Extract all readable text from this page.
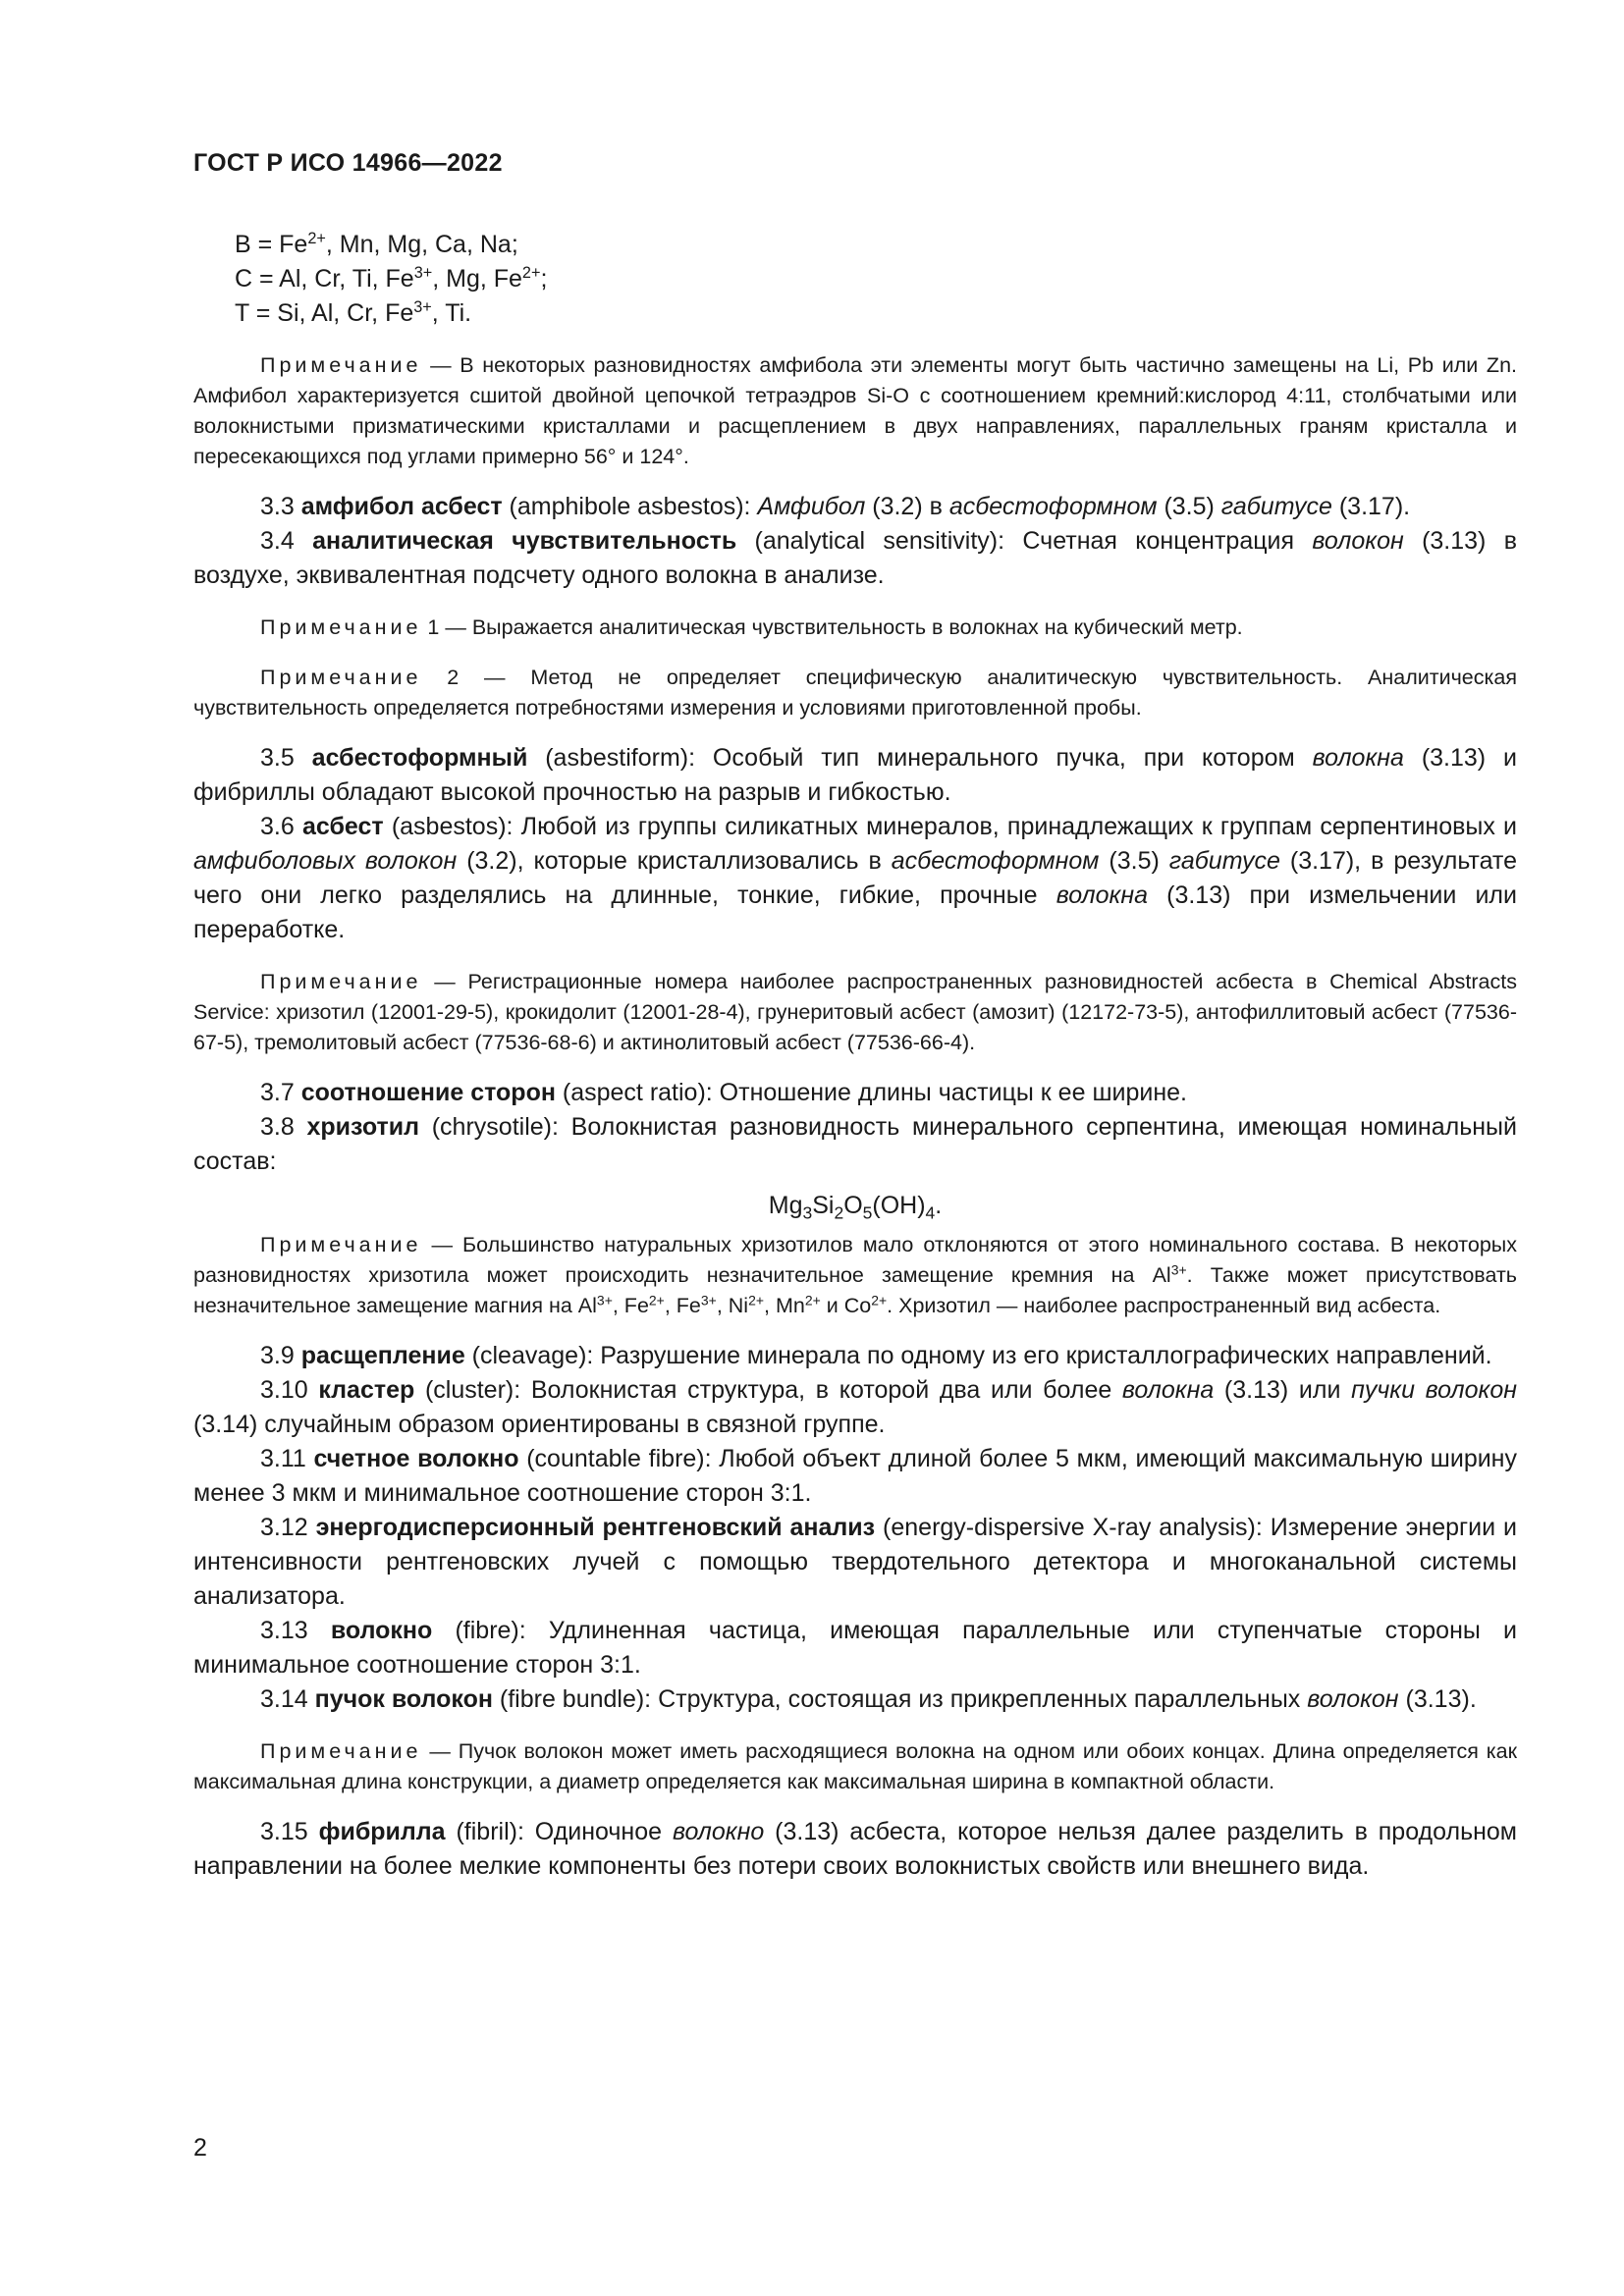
ГОСТ Р ИСО 14966—2022
$B = Fe^{2+}$, Mn, Mg, Ca, Na;
C = Al, Cr, Ti, $Fe^{3+}$, Mg, $Fe^{2+}$;
T = Si, Al, Cr, $Fe^{3+}$, Ti.

Примечание — В некоторых разновидностях амфибола эти элементы могут быть частично замещены на Li, Pb или Zn. Амфибол характеризуется сшитой двойной цепочкой тетраэдров Si-O с соотношением кремний:кислород 4:11, столбчатыми или волокнистыми призматическими кристаллами и расщеплением в двух направлениях, параллельных граням кристалла и пересекающихся под углами примерно 56° и 124°.

3.3 амфибол асбест (amphibole asbestos): Амфибол (3.2) в асбестоформном (3.5) габитусе (3.17).

3.4 аналитическая чувствительность (analytical sensitivity): Счетная концентрация волокон (3.13) в воздухе, эквивалентная подсчету одного волокна в анализе.

Примечание 1 — Выражается аналитическая чувствительность в волокнах на кубический метр.

Примечание 2 — Метод не определяет специфическую аналитическую чувствительность. Аналитическая чувствительность определяется потребностями измерения и условиями приготовленной пробы.

3.5 асбестоформный (asbestiform): Особый тип минерального пучка, при котором волокна (3.13) и фибриллы обладают высокой прочностью на разрыв и гибкостью.

3.6 асбест (asbestos): Любой из группы силикатных минералов, принадлежащих к группам серпентиновых и амфиболовых волокон (3.2), которые кристаллизовались в асбестоформном (3.5) габитусе (3.17), в результате чего они легко разделялись на длинные, тонкие, гибкие, прочные волокна (3.13) при измельчении или переработке.

Примечание — Регистрационные номера наиболее распространенных разновидностей асбеста в Chemical Abstracts Service: хризотил (12001-29-5), крокидолит (12001-28-4), грунеритовый асбест (амозит) (12172-73-5), антофиллитовый асбест (77536-67-5), тремолитовый асбест (77536-68-6) и актинолитовый асбест (77536-66-4).

3.7 соотношение сторон (aspect ratio): Отношение длины частицы к ее ширине.

3.8 хризотил (chrysotile): Волокнистая разновидность минерального серпентина, имеющая номинальный состав:

$Mg_3Si_2O_5(OH)_4$.

Примечание — Большинство натуральных хризотилов мало отклоняются от этого номинального состава. В некоторых разновидностях хризотила может происходить незначительное замещение кремния на $Al^{3+}$. Также может присутствовать незначительное замещение магния на $Al^{3+}$, $Fe^{2+}$, $Fe^{3+}$, $Ni^{2+}$, $Mn^{2+}$ и $Co^{2+}$. Хризотил — наиболее распространенный вид асбеста.

3.9 расщепление (cleavage): Разрушение минерала по одному из его кристаллографических направлений.

3.10 кластер (cluster): Волокнистая структура, в которой два или более волокна (3.13) или пучки волокон (3.14) случайным образом ориентированы в связной группе.

3.11 счетное волокно (countable fibre): Любой объект длиной более 5 мкм, имеющий максимальную ширину менее 3 мкм и минимальное соотношение сторон 3:1.

3.12 энергодисперсионный рентгеновский анализ (energy-dispersive X-ray analysis): Измерение энергии и интенсивности рентгеновских лучей с помощью твердотельного детектора и многоканальной системы анализатора.

3.13 волокно (fibre): Удлиненная частица, имеющая параллельные или ступенчатые стороны и минимальное соотношение сторон 3:1.

3.14 пучок волокон (fibre bundle): Структура, состоящая из прикрепленных параллельных волокон (3.13).

Примечание — Пучок волокон может иметь расходящиеся волокна на одном или обоих концах. Длина определяется как максимальная длина конструкции, а диаметр определяется как максимальная ширина в компактной области.

3.15 фибрилла (fibril): Одиночное волокно (3.13) асбеста, которое нельзя далее разделить в продольном направлении на более мелкие компоненты без потери своих волокнистых свойств или внешнего вида.

2
